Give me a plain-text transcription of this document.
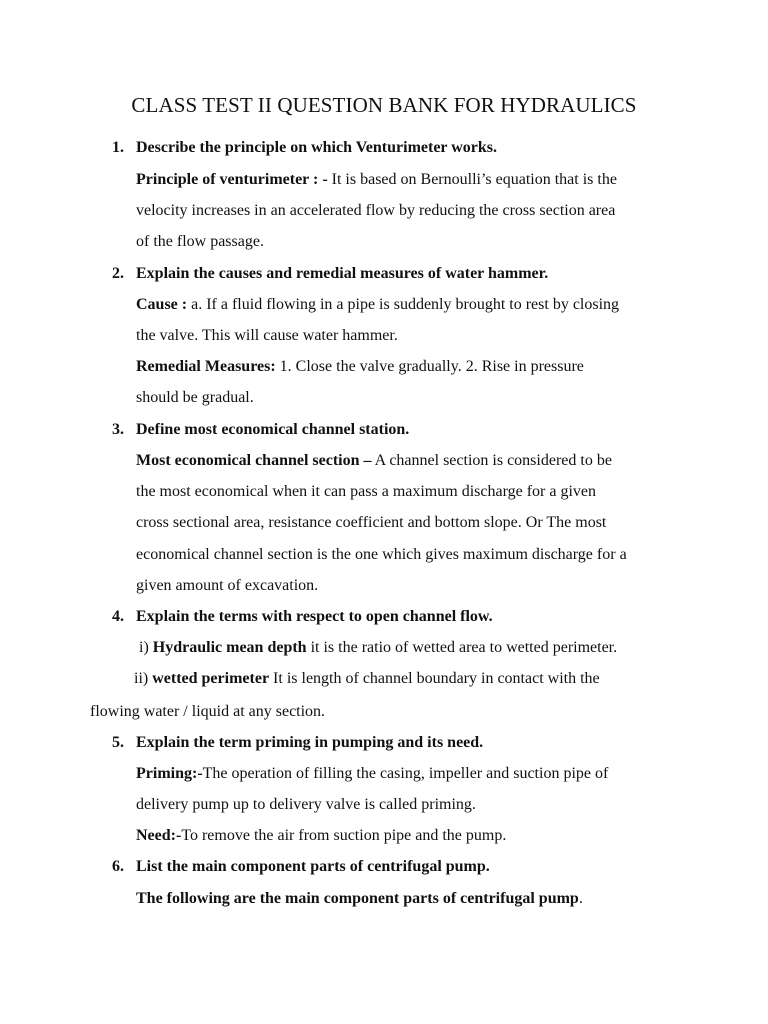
CLASS TEST II QUESTION BANK FOR HYDRAULICS
1. Describe the principle on which Venturimeter works.
Principle of venturimeter : - It is based on Bernoulli’s equation that is the
velocity increases in an accelerated flow by reducing the cross section area
of the flow passage.
2. Explain the causes and remedial measures of water hammer.
Cause : a. If a fluid flowing in a pipe is suddenly brought to rest by closing
the valve. This will cause water hammer.
Remedial Measures: 1. Close the valve gradually. 2. Rise in pressure
should be gradual.
3. Define most economical channel station.
Most economical channel section – A channel section is considered to be
the most economical when it can pass a maximum discharge for a given
cross sectional area, resistance coefficient and bottom slope. Or The most
economical channel section is the one which gives maximum discharge for a
given amount of excavation.
4. Explain the terms with respect to open channel flow.
i) Hydraulic mean depth it is the ratio of wetted area to wetted perimeter.
ii) wetted perimeter It is length of channel boundary in contact with the
flowing water / liquid at any section.
5. Explain the term priming in pumping and its need.
Priming:-The operation of filling the casing, impeller and suction pipe of
delivery pump up to delivery valve is called priming.
Need:-To remove the air from suction pipe and the pump.
6. List the main component parts of centrifugal pump.
The following are the main component parts of centrifugal pump.
